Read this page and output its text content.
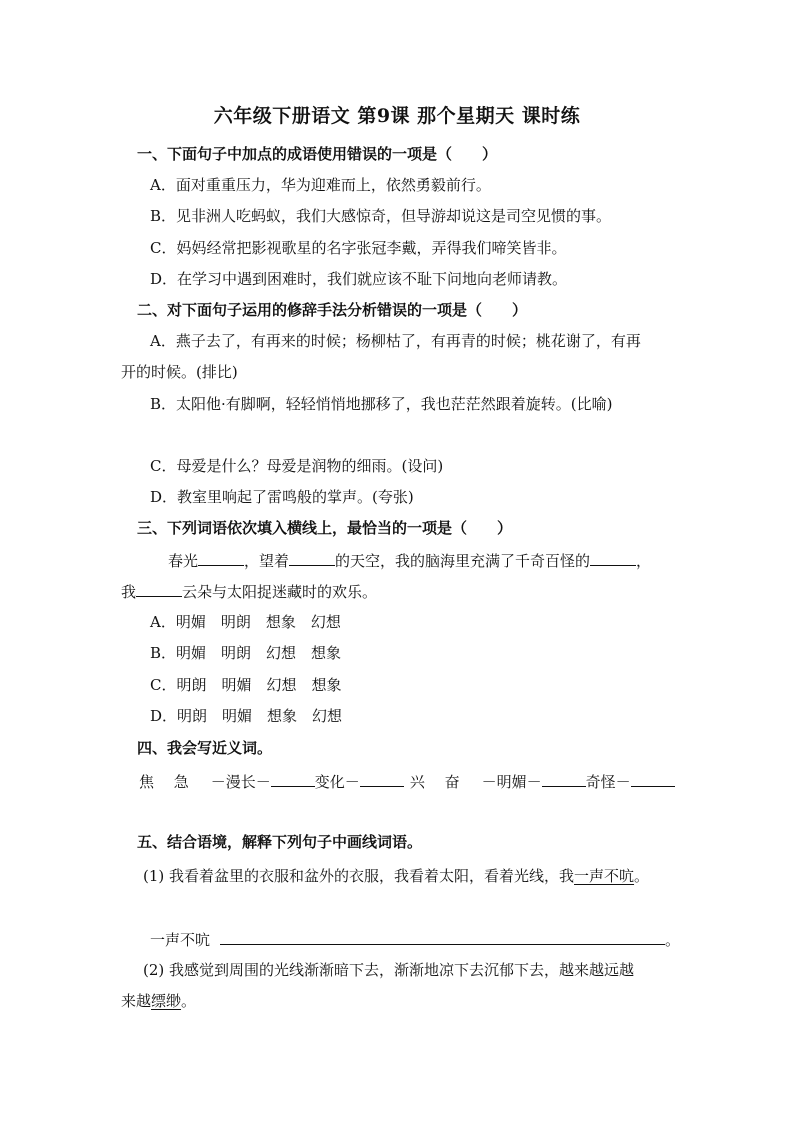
六年级下册语文 第9课 那个星期天 课时练
一、下面句子中加点的成语使用错误的一项是（　　）
A．面对重重压力，华为迎难而上，依然勇毅前行。
B．见非洲人吃蚂蚁，我们大感惊奇，但导游却说这是司空见惯的事。
C．妈妈经常把影视歌星的名字张冠李戴，弄得我们啼笑皆非。
D．在学习中遇到困难时，我们就应该不耻下问地向老师请教。
二、对下面句子运用的修辞手法分析错误的一项是（　　）
A．燕子去了，有再来的时候；杨柳枯了，有再青的时候；桃花谢了，有再
开的时候。(排比)
B．太阳他·有脚啊，轻轻悄悄地挪移了，我也茫茫然跟着旋转。(比喻)
C．母爱是什么？母爱是润物的细雨。(设问)
D．教室里响起了雷鸣般的掌声。(夸张)
三、下列词语依次填入横线上，最恰当的一项是（　　）
春光	，望着	的天空，我的脑海里充满了千奇百怪的	，
我	云朵与太阳捉迷藏时的欢乐。
A．明媚　明朗　想象　幻想
B．明媚　明朗　幻想　想象
C．明朗　明媚　幻想　想象
D．明朗　明媚　想象　幻想
四、我会写近义词。
焦　 急 －漫长－	变化－	兴　 奋 －明媚－	奇怪－
五、结合语境，解释下列句子中画线词语。
(1) 我看着盆里的衣服和盆外的衣服，我看着太阳，看着光线，我一声不吭。
一声不吭	。
(2) 我感觉到周围的光线渐渐暗下去，渐渐地凉下去沉郁下去，越来越远越
来越缥缈。
